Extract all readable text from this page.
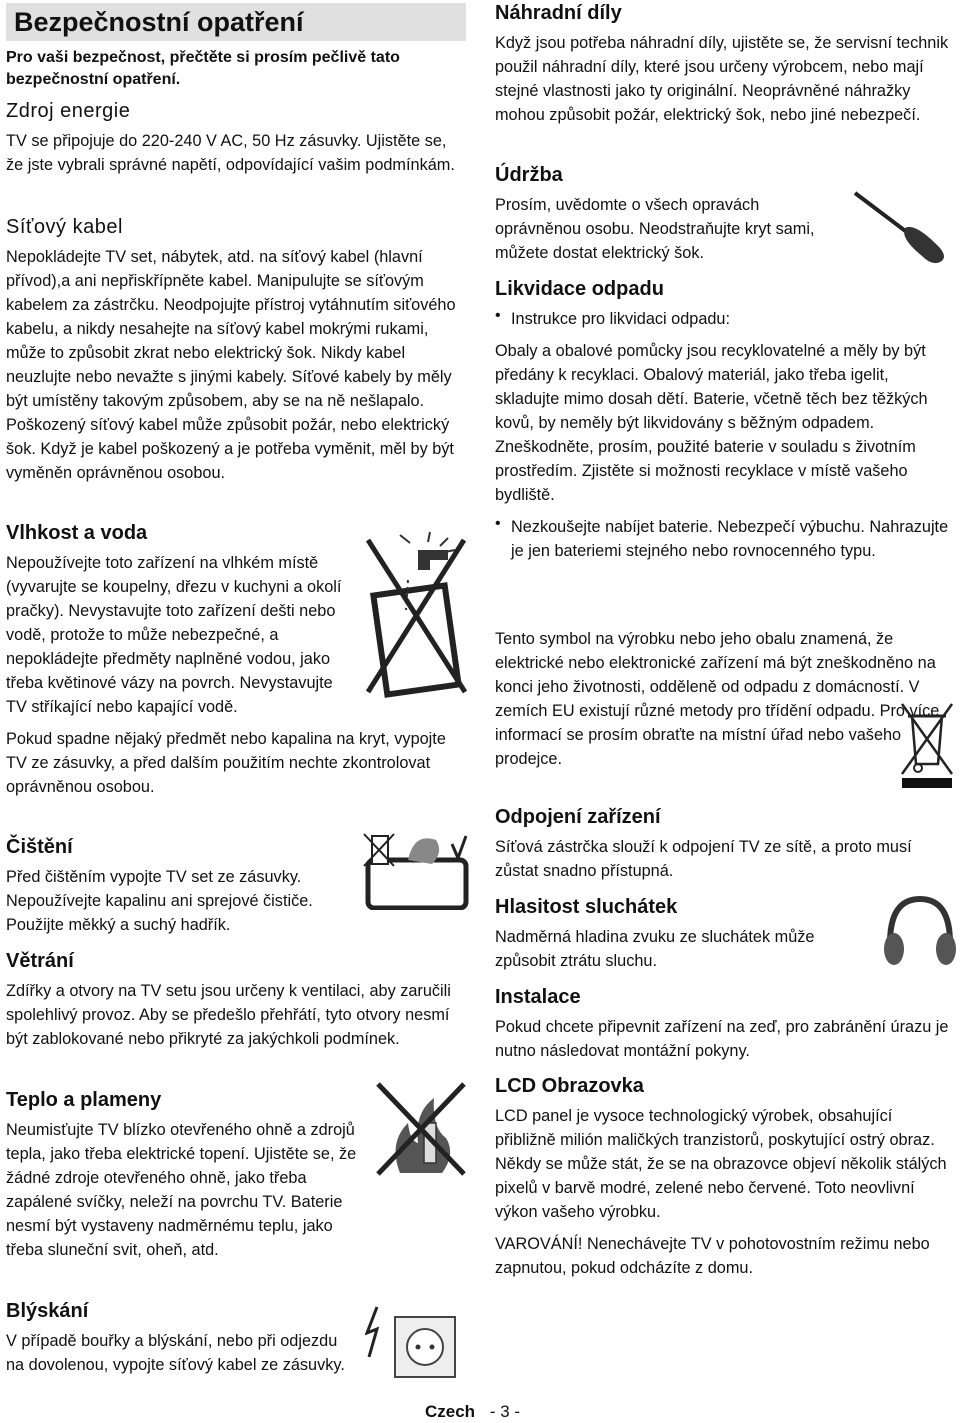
Bezpečnostní opatření
Pro vaši bezpečnost, přečtěte si prosím pečlivě tato bezpečnostní opatření.
Zdroj energie

TV se připojuje do 220-240 V AC, 50 Hz zásuvky. Ujistěte se, že jste vybrali správné napětí, odpovídající vašim podmínkám.

Síťový kabel

Nepokládejte TV set, nábytek, atd. na síťový kabel (hlavní přívod),a ani nepřiskřípněte kabel. Manipulujte se síťovým kabelem za zástrčku. Neodpojujte přístroj vytáhnutím siťového kabelu, a nikdy nesahejte na síťový kabel mokrými rukami, může to způsobit zkrat nebo elektrický šok. Nikdy kabel neuzlujte nebo nevažte s jinými kabely. Síťové kabely by měly být umístěny takovým způsobem, aby se na ně nešlapalo. Poškozený síťový kabel může způsobit požár, nebo elektrický šok. Když je kabel poškozený a je potřeba vyměnit, měl by být vyměněn oprávněnou osobou.

Vlhkost a voda

Nepoužívejte toto zařízení na vlhkém místě (vyvarujte se koupelny, dřezu v kuchyni a okolí pračky). Nevystavujte toto zařízení dešti nebo vodě, protože to může nebezpečné, a nepokládejte předměty naplněné vodou, jako třeba květinové vázy na povrch. Nevystavujte TV stříkající nebo kapající vodě.

Pokud spadne nějaký předmět nebo kapalina na kryt, vypojte TV ze zásuvky, a před dalším použitím nechte zkontrolovat oprávněnou osobou.

Čištění

Před čištěním vypojte TV set ze zásuvky. Nepoužívejte kapalinu ani sprejové čističe. Použijte měkký a suchý hadřík.

Větrání

Zdířky a otvory na TV setu jsou určeny k ventilaci, aby zaručili spolehlivý provoz. Aby se předešlo přehřátí, tyto otvory nesmí být zablokované nebo přikryté za jakýchkoli podmínek.

Teplo a plameny

Neumisťujte TV blízko otevřeného ohně a zdrojů tepla, jako třeba elektrické topení. Ujistěte se, že žádné zdroje otevřeného ohně, jako třeba zapálené svíčky, neleží na povrchu TV. Baterie nesmí být vystaveny nadměrnému teplu, jako třeba sluneční svit, oheň, atd.

Blýskání

V případě bouřky a blýskání, nebo při odjezdu na dovolenou, vypojte síťový kabel ze zásuvky.

Náhradní díly

Když jsou potřeba náhradní díly, ujistěte se, že servisní technik použil náhradní díly, které jsou určeny výrobcem, nebo mají stejné vlastnosti jako ty originální. Neoprávněné náhražky mohou způsobit požár, elektrický šok, nebo jiné nebezpečí.

Údržba

Prosím, uvědomte o všech opravách oprávněnou osobu. Neodstraňujte kryt sami, můžete dostat elektrický šok.

Likvidace odpadu
• Instrukce pro likvidaci odpadu:

Obaly a obalové pomůcky jsou recyklovatelné a měly by být předány k recyklaci. Obalový materiál, jako třeba igelit, skladujte mimo dosah dětí. Baterie, včetně těch bez těžkých kovů, by neměly být likvidovány s běžným odpadem. Zneškodněte, prosím, použité baterie v souladu s životním prostředím. Zjistěte si možnosti recyklace v místě vašeho bydliště.

• Nezkoušejte nabíjet baterie. Nebezpečí výbuchu. Nahrazujte je jen bateriemi stejného nebo rovnocenného typu.

Tento symbol na výrobku nebo jeho obalu znamená, že elektrické nebo elektronické zařízení má být zneškodněno na konci jeho životnosti, odděleně od odpadu z domácností. V zemích EU existují různé metody pro třídění odpadu. Pro více informací se prosím obraťte na místní úřad nebo vašeho prodejce.

Odpojení zařízení

Síťová zástrčka slouží k odpojení TV ze sítě, a proto musí zůstat snadno přístupná.

Hlasitost sluchátek

Nadměrná hladina zvuku ze sluchátek může způsobit ztrátu sluchu.

Instalace

Pokud chcete připevnit zařízení na zeď, pro zabránění úrazu je nutno následovat montážní pokyny.

LCD Obrazovka

LCD panel je vysoce technologický výrobek, obsahující přibližně milión maličkých tranzistorů, poskytující ostrý obraz. Někdy se může stát, že se na obrazovce objeví několik stálých pixelů v barvě modré, zelené nebo červené. Toto neovlivní výkon vašeho výrobku.

VAROVÁNÍ! Nenechávejte TV v pohotovostním režimu nebo zapnutou, pokud odcházíte z domu.

Czech - 3 -
